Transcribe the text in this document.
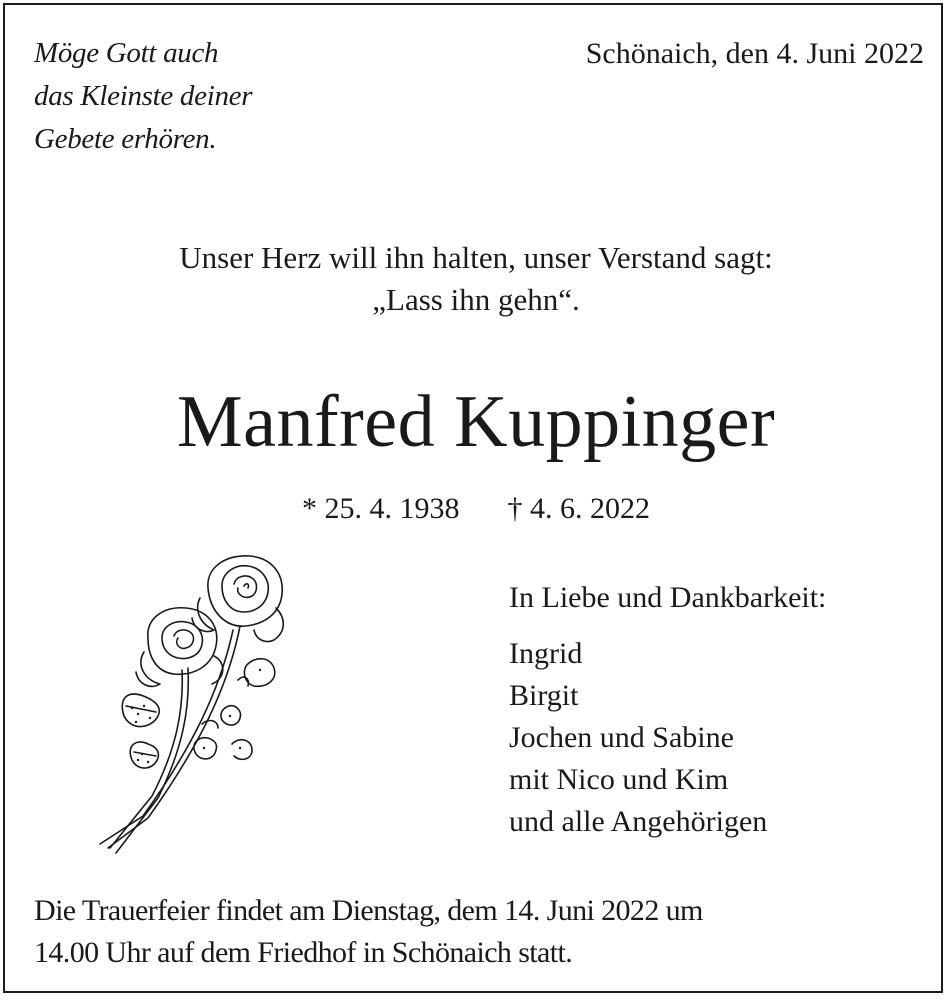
Möge Gott auch
das Kleinste deiner
Gebete erhören.
Schönaich, den 4. Juni 2022
Unser Herz will ihn halten, unser Verstand sagt:
„Lass ihn gehn“.
Manfred Kuppinger
* 25. 4. 1938 † 4. 6. 2022
In Liebe und Dankbarkeit:
Ingrid
Birgit
Jochen und Sabine
mit Nico und Kim
und alle Angehörigen
Die Trauerfeier findet am Dienstag, dem 14. Juni 2022 um
14.00 Uhr auf dem Friedhof in Schönaich statt.
